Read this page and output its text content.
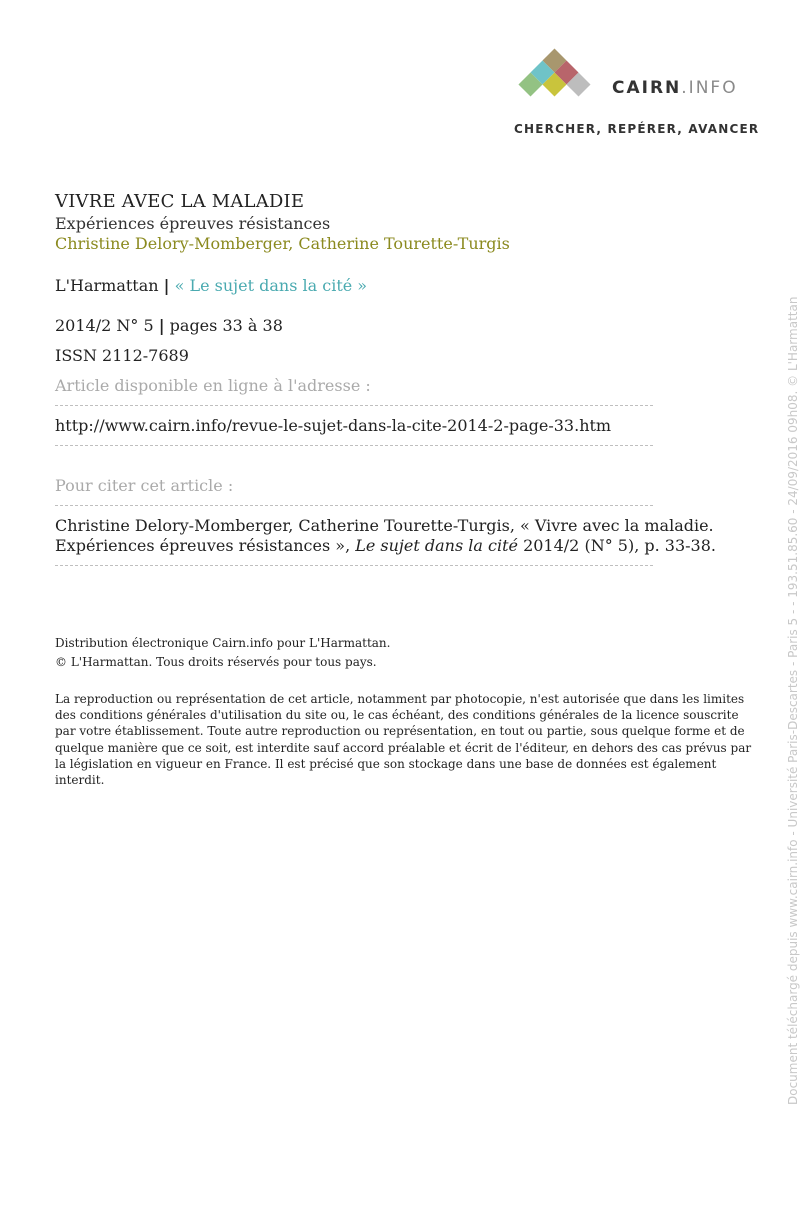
CAIRN.INFO
CHERCHER, REPÉRER, AVANCER
VIVRE AVEC LA MALADIE
Expériences épreuves résistances
Christine Delory-Momberger, Catherine Tourette-Turgis
L'Harmattan | « Le sujet dans la cité »
2014/2 N° 5 | pages 33 à 38
ISSN 2112-7689
Article disponible en ligne à l'adresse :
http://www.cairn.info/revue-le-sujet-dans-la-cite-2014-2-page-33.htm
Pour citer cet article :
Christine Delory-Momberger, Catherine Tourette-Turgis, « Vivre avec la maladie. Expériences épreuves résistances », Le sujet dans la cité 2014/2 (N° 5), p. 33-38.
Distribution électronique Cairn.info pour L'Harmattan.
© L'Harmattan. Tous droits réservés pour tous pays.
La reproduction ou représentation de cet article, notamment par photocopie, n'est autorisée que dans les limites des conditions générales d'utilisation du site ou, le cas échéant, des conditions générales de la licence souscrite par votre établissement. Toute autre reproduction ou représentation, en tout ou partie, sous quelque forme et de quelque manière que ce soit, est interdite sauf accord préalable et écrit de l'éditeur, en dehors des cas prévus par la législation en vigueur en France. Il est précisé que son stockage dans une base de données est également interdit.	Document téléchargé depuis www.cairn.info - Université Paris-Descartes - Paris 5 - - 193.51.85.60 - 24/09/2016 09h08. © L'Harmattan
